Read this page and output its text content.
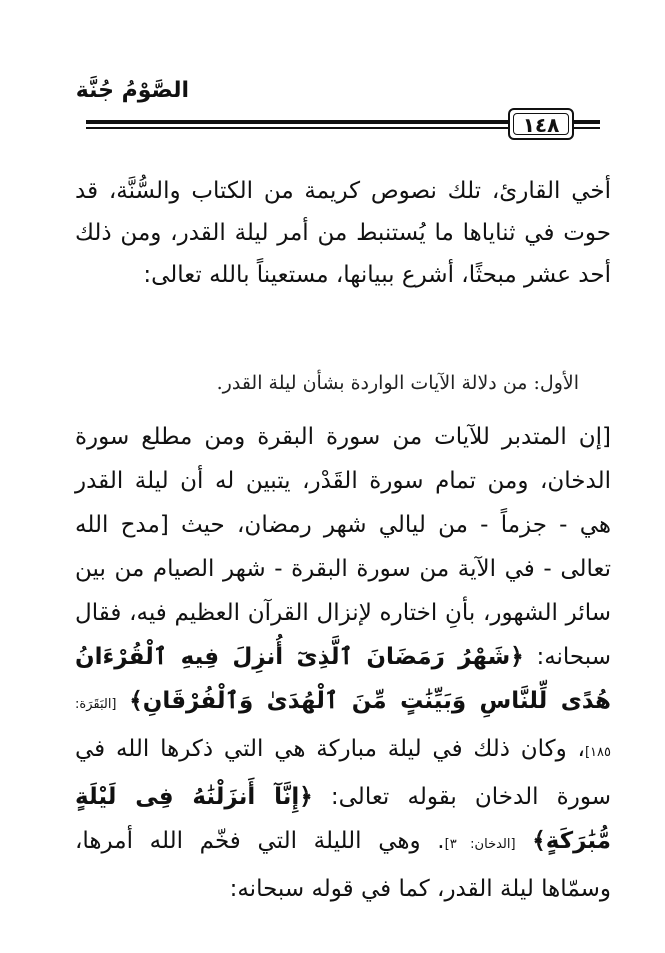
الصَّوْمُ جُنَّة
١٤٨
أخي القارئ، تلك نصوص كريمة من الكتاب والسُّنَّة، قد حوت في ثناياها ما يُستنبط من أمر ليلة القدر، ومن ذلك أحد عشر مبحثًا، أشرع ببيانها، مستعيناً بالله تعالى:
الأول: من دلالة الآيات الواردة بشأن ليلة القدر.
[إن المتدبر للآيات من سورة البقرة ومن مطلع سورة الدخان، ومن تمام سورة القَدْر، يتبين له أن ليلة القدر هي - جزماً - من ليالي شهر رمضان، حيث [مدح الله تعالى - في الآية من سورة البقرة - شهر الصيام من بين سائر الشهور، بأنِ اختاره لإنزال القرآن العظيم فيه، فقال سبحانه: ﴿شَهْرُ رَمَضَانَ ٱلَّذِىٓ أُنزِلَ فِيهِ ٱلْقُرْءَانُ هُدًى لِّلنَّاسِ وَبَيِّنَٰتٍ مِّنَ ٱلْهُدَىٰ وَٱلْفُرْقَانِ﴾ [البَقَرَة: ١٨٥]، وكان ذلك في ليلة مباركة هي التي ذكرها الله في سورة الدخان بقوله تعالى: ﴿إِنَّآ أَنزَلْنَٰهُ فِى لَيْلَةٍ مُّبَٰرَكَةٍ﴾ [الدخان: ٣]. وهي الليلة التي فخّم الله أمرها، وسمّاها ليلة القدر، كما في قوله سبحانه:
